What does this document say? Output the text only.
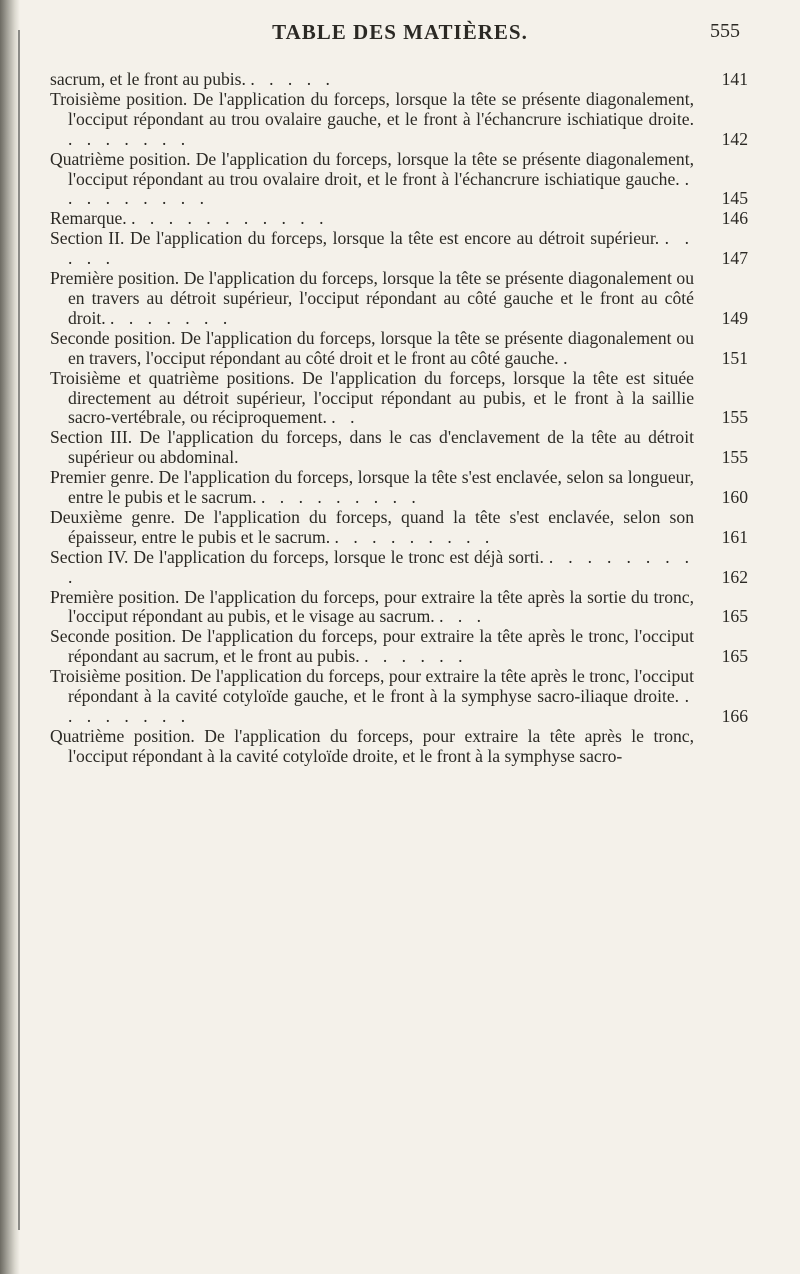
TABLE DES MATIÈRES.	555
sacrum, et le front au pubis. . . . . .	141
Troisième position. De l'application du forceps, lorsque la tête se présente diagonalement, l'occiput répondant au trou ovalaire gauche, et le front à l'échancrure ischiatique droite. . . . . . . .	142
Quatrième position. De l'application du forceps, lorsque la tête se présente diagonalement, l'occiput répondant au trou ovalaire droit, et le front à l'échancrure ischiatique gauche. . . . . . . . . .	145
Remarque. . . . . . . . . . . .	146
Section II. De l'application du forceps, lorsque la tête est encore au détroit supérieur. . . . . .	147
Première position. De l'application du forceps, lorsque la tête se présente diagonalement ou en travers au détroit supérieur, l'occiput répondant au côté gauche et le front au côté droit. . . . . . . .	149
Seconde position. De l'application du forceps, lorsque la tête se présente diagonalement ou en travers, l'occiput répondant au côté droit et le front au côté gauche. .	151
Troisième et quatrième positions. De l'application du forceps, lorsque la tête est située directement au détroit supérieur, l'occiput répondant au pubis, et le front à la saillie sacro-vertébrale, ou réciproquement. . .	155
Section III. De l'application du forceps, dans le cas d'enclavement de la tête au détroit supérieur ou abdominal.	155
Premier genre. De l'application du forceps, lorsque la tête s'est enclavée, selon sa longueur, entre le pubis et le sacrum. . . . . . . . . .	160
Deuxième genre. De l'application du forceps, quand la tête s'est enclavée, selon son épaisseur, entre le pubis et le sacrum. . . . . . . . . .	161
Section IV. De l'application du forceps, lorsque le tronc est déjà sorti. . . . . . . . . .	162
Première position. De l'application du forceps, pour extraire la tête après la sortie du tronc, l'occiput répondant au pubis, et le visage au sacrum. . . .	165
Seconde position. De l'application du forceps, pour extraire la tête après le tronc, l'occiput répondant au sacrum, et le front au pubis. . . . . . .	165
Troisième position. De l'application du forceps, pour extraire la tête après le tronc, l'occiput répondant à la cavité cotyloïde gauche, et le front à la symphyse sacro-iliaque droite. . . . . . . . .	166
Quatrième position. De l'application du forceps, pour extraire la tête après le tronc, l'occiput répondant à la cavité cotyloïde droite, et le front à la symphyse sacro-
